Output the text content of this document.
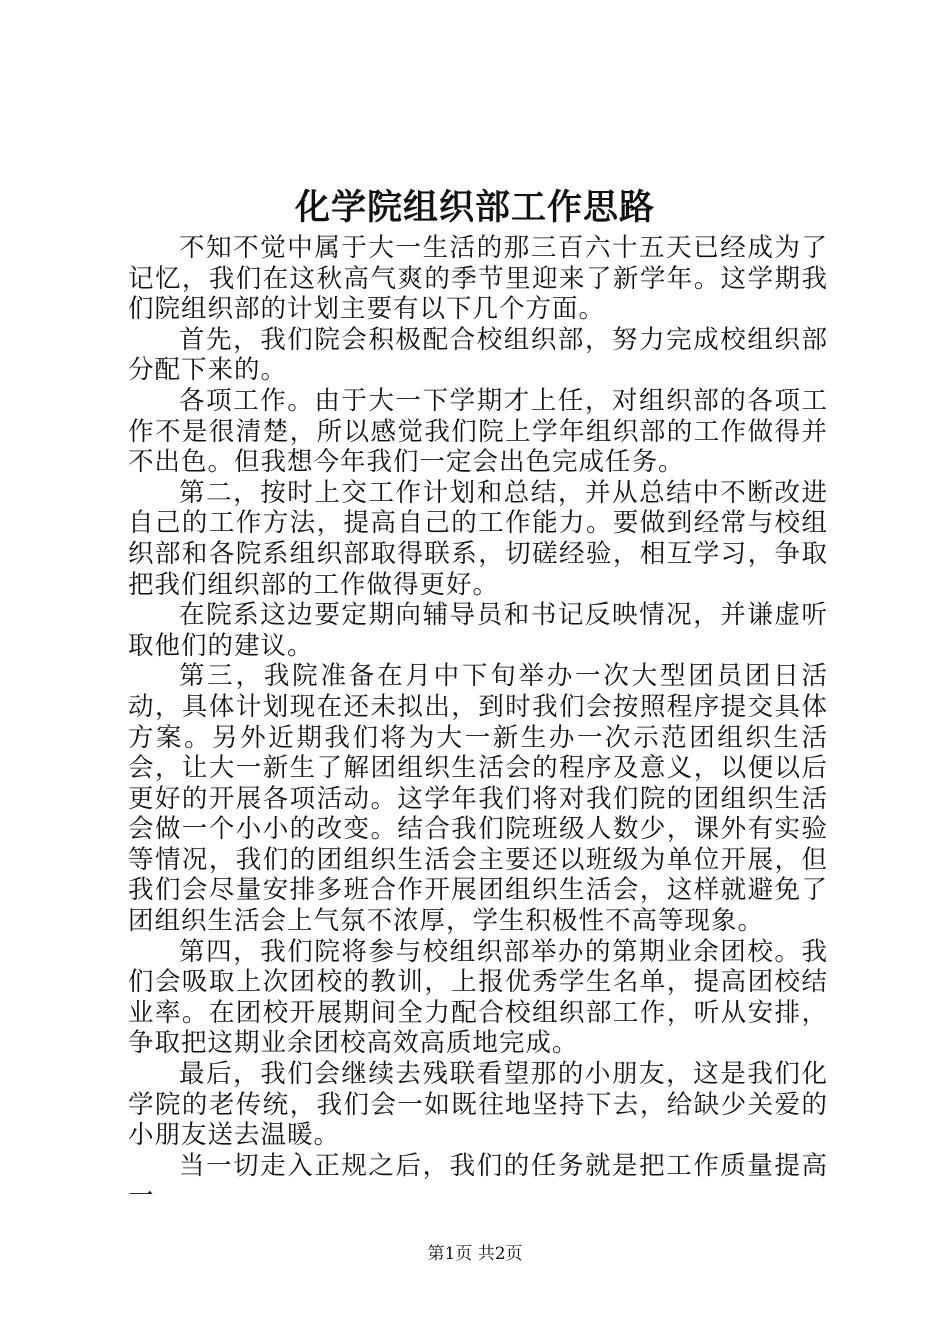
化学院组织部工作思路

不知不觉中属于大一生活的那三百六十五天已经成为了记忆，我们在这秋高气爽的季节里迎来了新学年。这学期我们院组织部的计划主要有以下几个方面。

首先，我们院会积极配合校组织部，努力完成校组织部分配下来的。

各项工作。由于大一下学期才上任，对组织部的各项工作不是很清楚，所以感觉我们院上学年组织部的工作做得并不出色。但我想今年我们一定会出色完成任务。

第二，按时上交工作计划和总结，并从总结中不断改进自己的工作方法，提高自己的工作能力。要做到经常与校组织部和各院系组织部取得联系，切磋经验，相互学习，争取把我们组织部的工作做得更好。

在院系这边要定期向辅导员和书记反映情况，并谦虚听取他们的建议。

第三，我院准备在月中下旬举办一次大型团员团日活动，具体计划现在还未拟出，到时我们会按照程序提交具体方案。另外近期我们将为大一新生办一次示范团组织生活会，让大一新生了解团组织生活会的程序及意义，以便以后更好的开展各项活动。这学年我们将对我们院的团组织生活会做一个小小的改变。结合我们院班级人数少，课外有实验等情况，我们的团组织生活会主要还以班级为单位开展，但我们会尽量安排多班合作开展团组织生活会，这样就避免了团组织生活会上气氛不浓厚，学生积极性不高等现象。

第四，我们院将参与校组织部举办的第期业余团校。我们会吸取上次团校的教训，上报优秀学生名单，提高团校结业率。在团校开展期间全力配合校组织部工作，听从安排，争取把这期业余团校高效高质地完成。

最后，我们会继续去残联看望那的小朋友，这是我们化学院的老传统，我们会一如既往地坚持下去，给缺少关爱的小朋友送去温暖。

当一切走入正规之后，我们的任务就是把工作质量提高一

第1页 共2页
